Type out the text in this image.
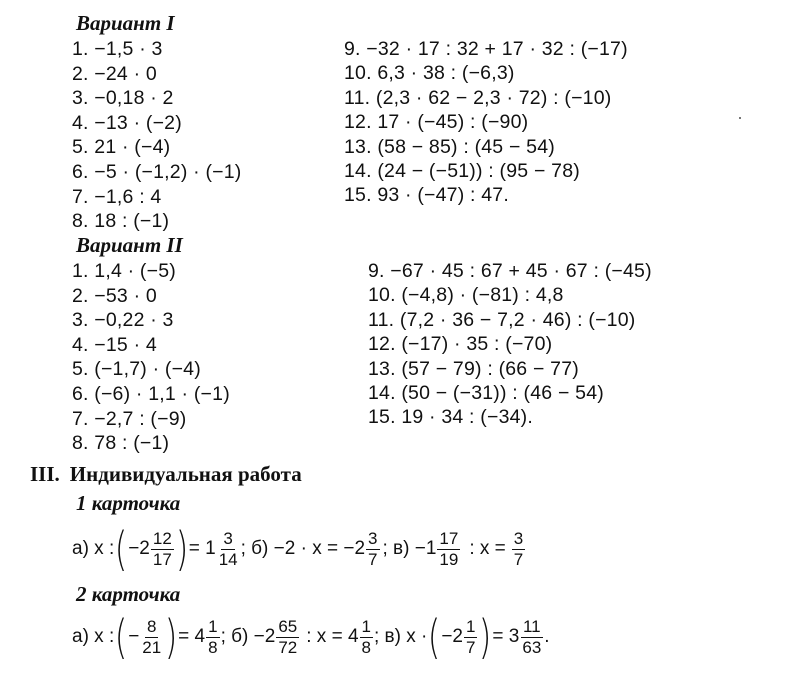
Вариант I
1. −1,5 · 3
2. −24 · 0
3. −0,18 · 2
4. −13 · (−2)
5. 21 · (−4)
6. −5 · (−1,2) · (−1)
7. −1,6 : 4
8. 18 : (−1)
9. −32 · 17 : 32 + 17 · 32 : (−17)
10. 6,3 · 38 : (−6,3)
11. (2,3 · 62 − 2,3 · 72) : (−10)
12. 17 · (−45) : (−90)
13. (58 − 85) : (45 − 54)
14. (24 − (−51)) : (95 − 78)
15. 93 · (−47) : 47.
Вариант II
1. 1,4 · (−5)
2. −53 · 0
3. −0,22 · 3
4. −15 · 4
5. (−1,7) · (−4)
6. (−6) · 1,1 · (−1)
7. −2,7 : (−9)
8. 78 : (−1)
9. −67 · 45 : 67 + 45 · 67 : (−45)
10. (−4,8) · (−81) : 4,8
11. (7,2 · 36 − 7,2 · 46) : (−10)
12. (−17) · 35 : (−70)
13. (57 − 79) : (66 − 77)
14. (50 − (−31)) : (46 − 54)
15. 19 · 34 : (−34).
III. Индивидуальная работа
1 карточка
а) х : ( $-2 \frac{12}{17}$ ) = $1 \frac{3}{14}$ ; $б) -2 \cdot х = -2 \frac{3}{7}$ ; $в) -1 \frac{17}{19}$ : $х = \frac{3}{7}$
2 карточка
а) х : ( − $\frac{8}{21}$ ) = $4 \frac{1}{8}$ ; $б) -2 \frac{65}{72}$ : $х = 4 \frac{1}{8}$ ; в) х · ( $-2 \frac{1}{7}$ ) = $3 \frac{11}{63}$ .
